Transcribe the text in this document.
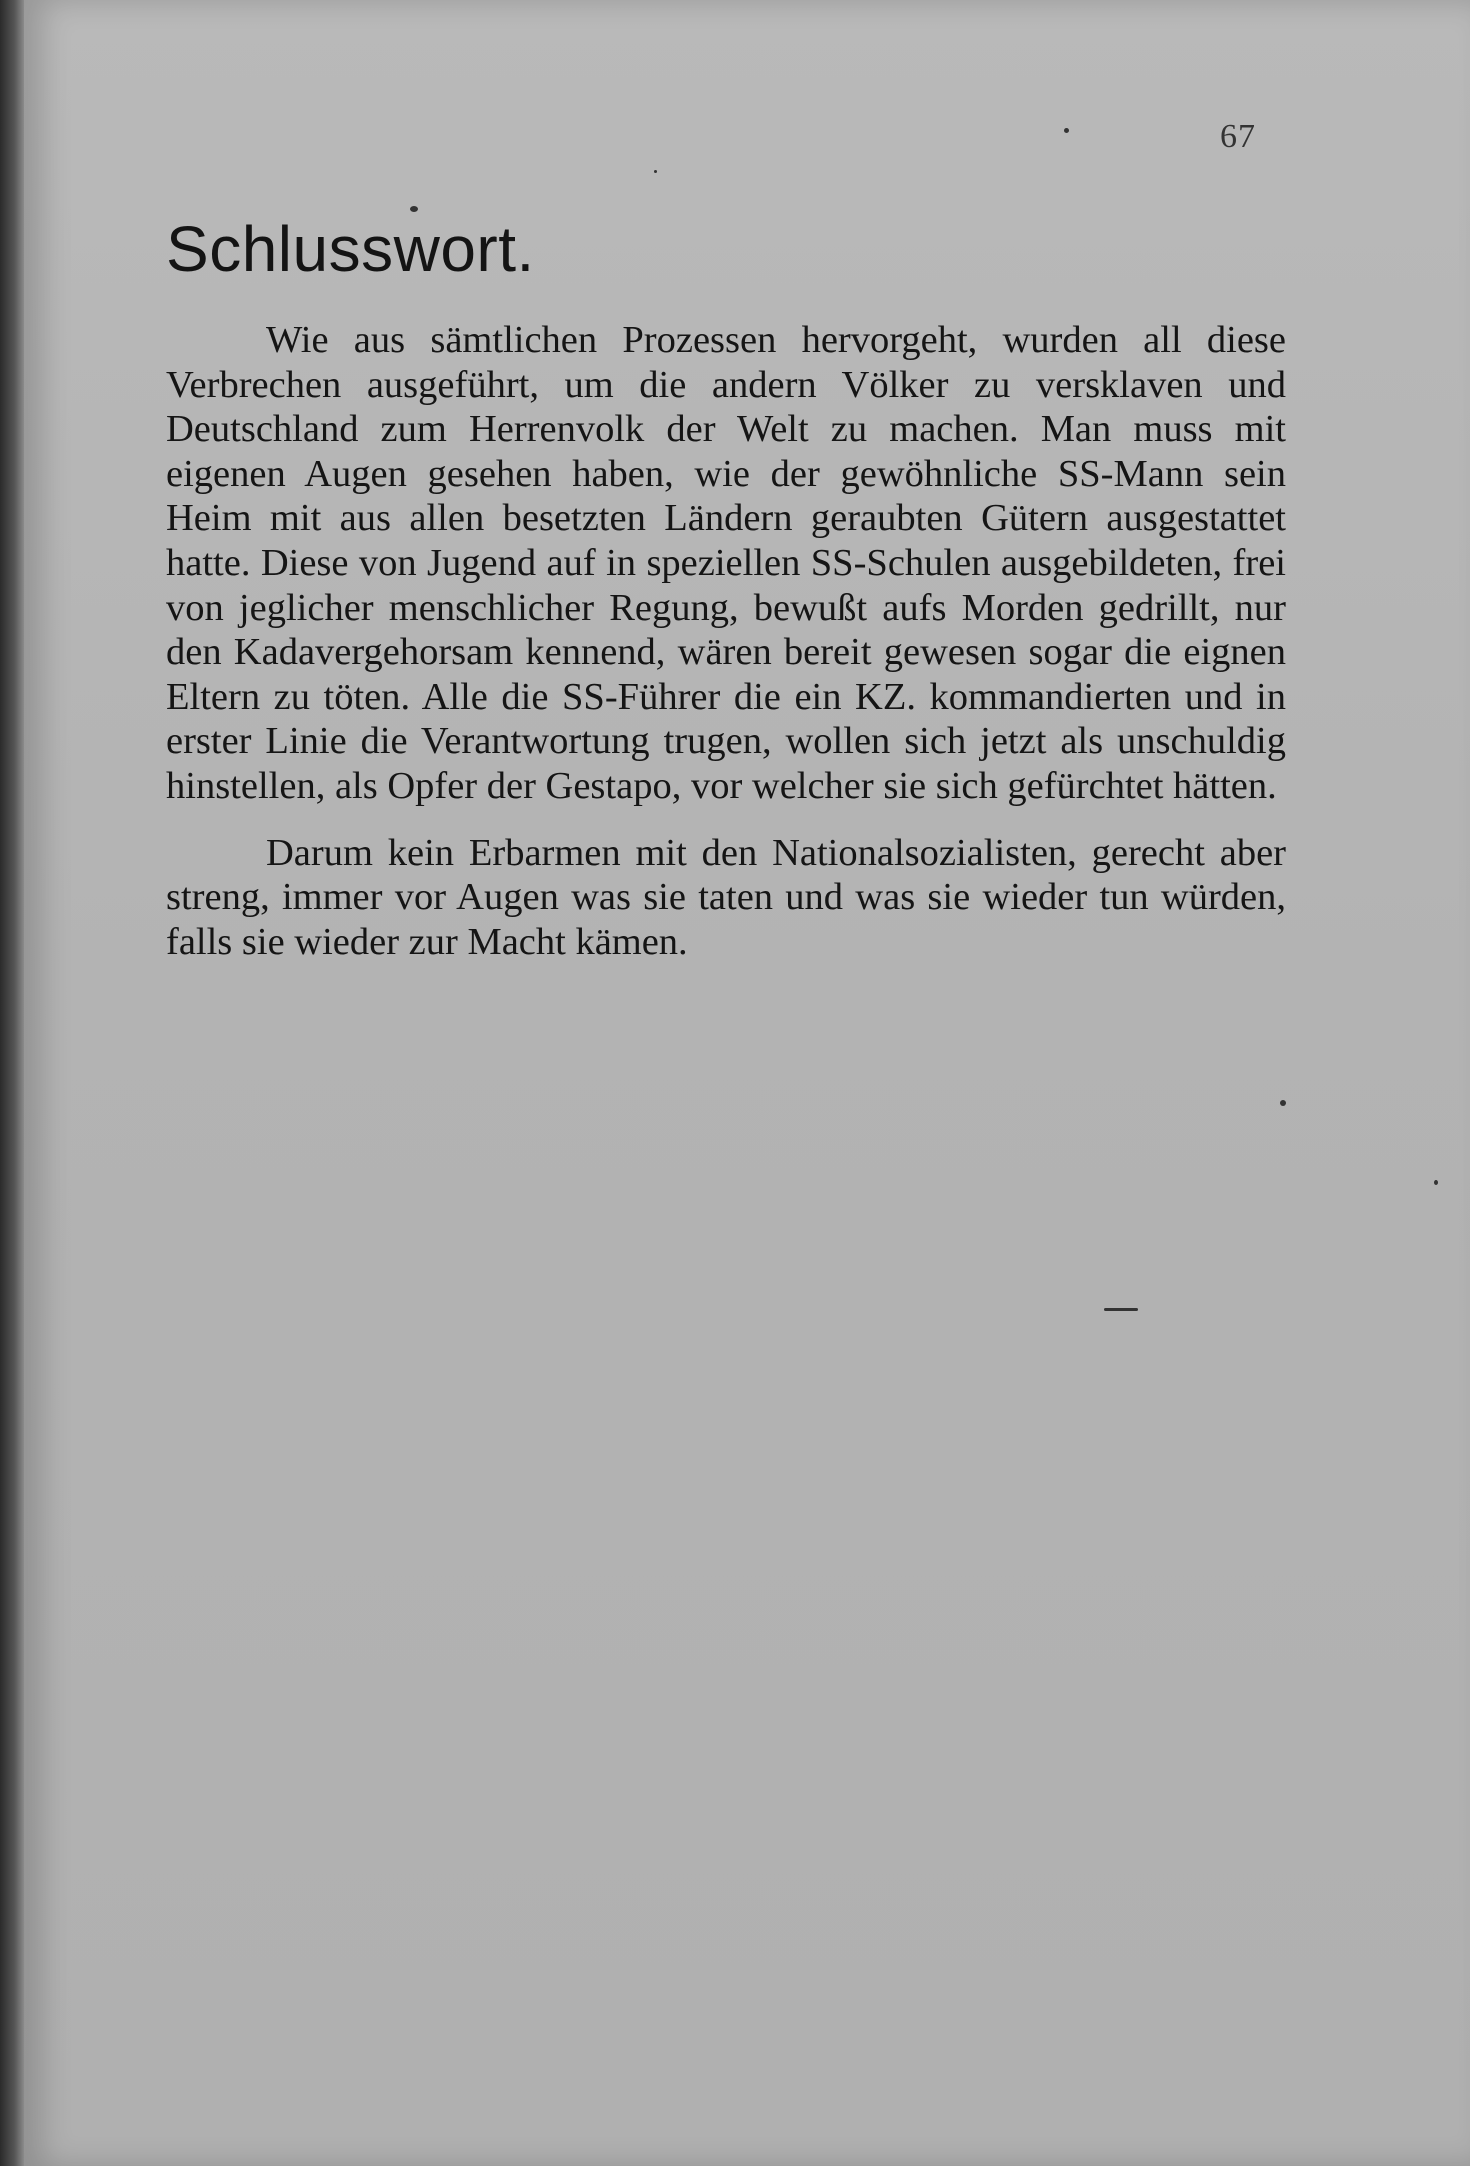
67
Schlusswort.

Wie aus sämtlichen Prozessen hervorgeht, wurden all diese Verbrechen ausgeführt, um die andern Völker zu versklaven und Deutschland zum Herrenvolk der Welt zu machen. Man muss mit eigenen Augen gesehen haben, wie der gewöhnliche SS-Mann sein Heim mit aus allen besetzten Ländern geraubten Gütern ausgestattet hatte. Diese von Jugend auf in speziellen SS-Schulen ausgebildeten, frei von jeglicher menschlicher Regung, bewußt aufs Morden gedrillt, nur den Kadavergehorsam kennend, wären bereit gewesen sogar die eignen Eltern zu töten. Alle die SS-Führer die ein KZ. kommandierten und in erster Linie die Verantwortung trugen, wollen sich jetzt als unschuldig hinstellen, als Opfer der Gestapo, vor welcher sie sich gefürchtet hätten.

Darum kein Erbarmen mit den Nationalsozialisten, gerecht aber streng, immer vor Augen was sie taten und was sie wieder tun würden, falls sie wieder zur Macht kämen.
